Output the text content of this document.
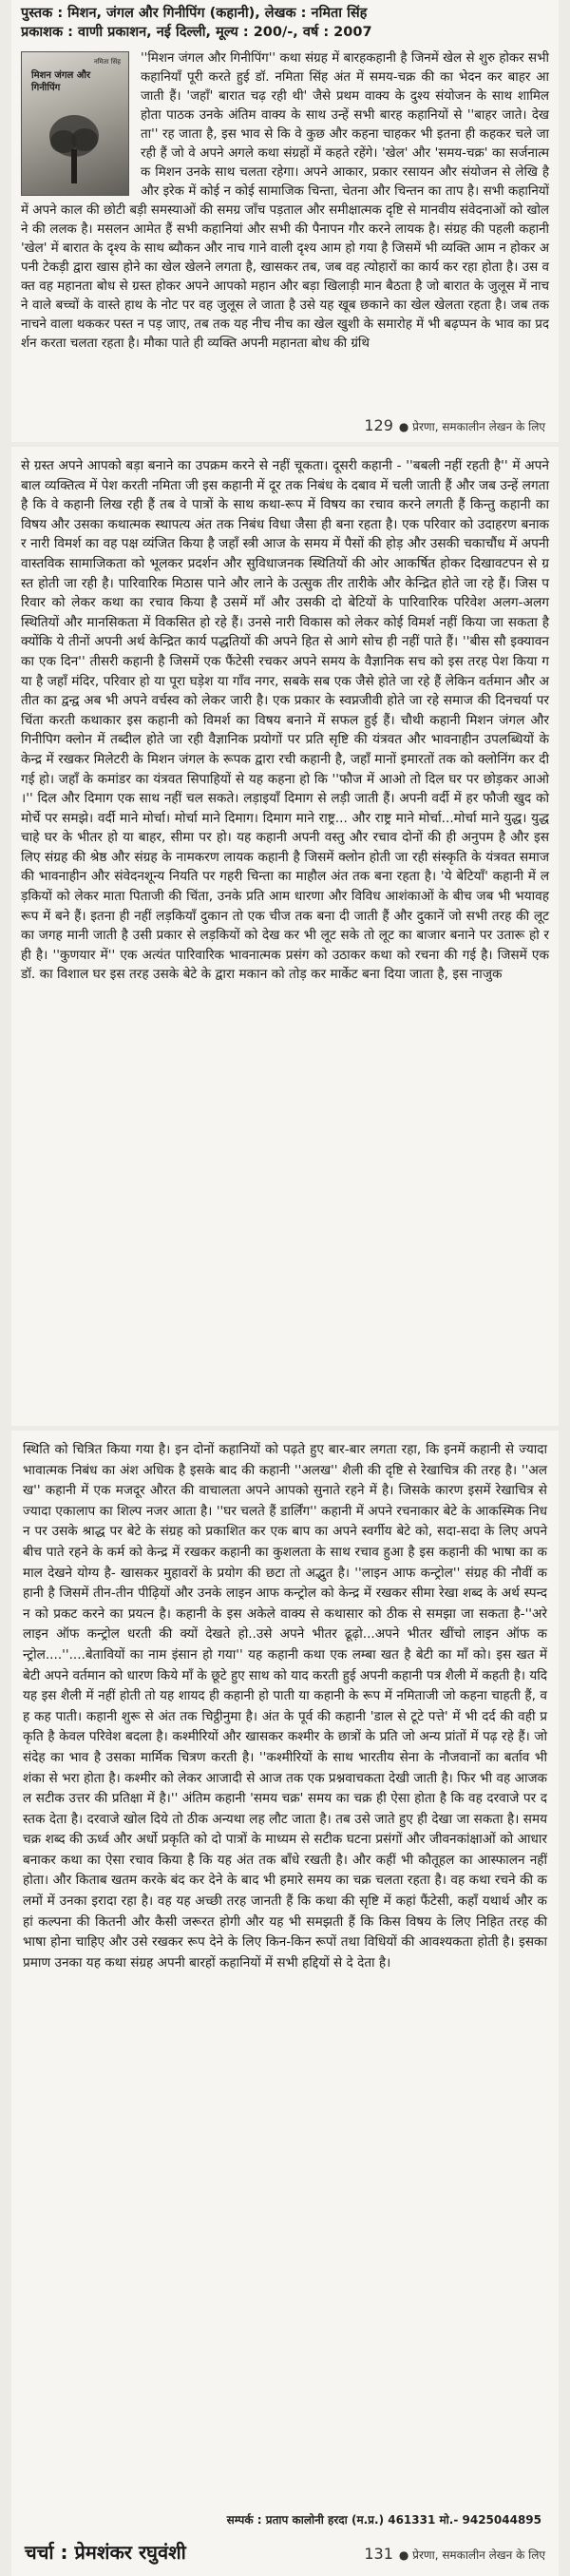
पुस्तक : मिशन, जंगल और गिनीपिंग (कहानी), लेखक : नमिता सिंह
प्रकाशक : वाणी प्रकाशन, नई दिल्ली, मूल्य : 200/-, वर्ष : 2007
नमिता सिंह
मिशन जंगल और गिनीपिंग

''मिशन जंगल और गिनीपिंग'' कथा संग्रह में बारहकहानी है जिनमें खेल से शुरु होकर सभी कहानियाँ पूरी करते हुई डॉ. नमिता सिंह अंत में समय-चक्र की का भेदन कर बाहर आ जाती हैं। 'जहाँ' बारात चढ़ रही थी' जैसे प्रथम वाक्य के दुश्य संयोजन के साथ शामिल होता पाठक उनके अंतिम वाक्य के साथ उन्हें सभी बारह कहानियों से ''बाहर जाते। देखता'' रह जाता है, इस भाव से कि वे कुछ और कहना चाहकर भी इतना ही कहकर चले जा रही हैं जो वे अपने अगले कथा संग्रहों में कहते रहेंगे। 'खेल' और 'समय-चक्र' का सर्जनात्मक मिशन उनके साथ चलता रहेगा। अपने आकार, प्रकार रसायन और संयोजन से लेखि है और इरेक में कोई न कोई सामाजिक चिन्ता, चेतना और चिन्तन का ताप है। सभी कहानियों में अपने काल की छोटी बड़ी समस्याओं की समग्र जाँच पड़ताल और समीक्षात्मक दृष्टि से मानवीय संवेदनाओं को खोलने की ललक है। मसलन आमेत हैं सभी कहानियां और सभी की पैनापन गौर करने लायक है। संग्रह की पहली कहानी 'खेल' में बारात के दृश्य के साथ ब्यौकन और नाच गाने वाली दृश्य आम हो गया है जिसमें भी व्यक्ति आम न होकर अपनी टेकड़ी द्वारा खास होने का खेल खेलने लगता है, खासकर तब, जब वह त्योहारों का कार्य कर रहा होता है। उस वक्त वह महानता बोध से ग्रस्त होकर अपने आपको महान और बड़ा खिलाड़ी मान बैठता है जो बारात के जुलूस में नाचने वाले बच्चों के वास्ते हाथ के नोट पर वह जुलूस ले जाता है उसे यह खूब छकाने का खेल खेलता रहता है। जब तक नाचने वाला थककर पस्त न पड़ जाए, तब तक यह नीच नीच का खेल खुशी के समारोह में भी बढ़प्पन के भाव का प्रदर्शन करता चलता रहता है। मौका पाते ही व्यक्ति अपनी महानता बोध की ग्रंथि

129 ● प्रेरणा, समकालीन लेखन के लिए

से ग्रस्त अपने आपको बड़ा बनाने का उपक्रम करने से नहीं चूकता। दूसरी कहानी - ''बबली नहीं रहती है'' में अपने बाल व्यक्तित्व में पेश करती नमिता जी इस कहानी में दूर तक निबंध के दबाव में चली जाती हैं और जब उन्हें लगता है कि वे कहानी लिख रही हैं तब वे पात्रों के साथ कथा-रूप में विषय का रचाव करने लगती हैं किन्तु कहानी का विषय और उसका कथात्मक स्थापत्य अंत तक निबंध विधा जैसा ही बना रहता है। एक परिवार को उदाहरण बनाकर नारी विमर्श का वह पक्ष व्यंजित किया है जहाँ स्त्री आज के समय में पैसों की होड़ और उसकी चकाचौंध में अपनी वास्तविक सामाजिकता को भूलकर प्रदर्शन और सुविधाजनक स्थितियों की ओर आकर्षित होकर दिखावटपन से ग्रस्त होती जा रही है। पारिवारिक मिठास पाने और लाने के उत्सुक तीर तारीके और केन्द्रित होते जा रहे हैं। जिस परिवार को लेकर कथा का रचाव किया है उसमें माँ और उसकी दो बेटियों के पारिवारिक परिवेश अलग-अलग स्थितियों और मानसिकता में विकसित हो रहे हैं। उनसे नारी विकास को लेकर कोई विमर्श नहीं किया जा सकता है क्योंकि ये तीनों अपनी अर्थ केन्द्रित कार्य पद्धतियों की अपने हित से आगे सोच ही नहीं पाते हैं। ''बीस सौ इक्यावन का एक दिन'' तीसरी कहानी है जिसमें एक फैंटेसी रचकर अपने समय के वैज्ञानिक सच को इस तरह पेश किया गया है जहाँ मंदिर, परिवार हो या पूरा घड़ेश या गाँव नगर, सबके सब एक जैसे होते जा रहे हैं लेकिन वर्तमान और अतीत का द्वन्द्व अब भी अपने वर्चस्व को लेकर जारी है। एक प्रकार के स्वप्नजीवी होते जा रहे समाज की दिनचर्या पर चिंता करती कथाकार इस कहानी को विमर्श का विषय बनाने में सफल हुई हैं। चौथी कहानी मिशन जंगल और गिनीपिग क्लोन में तब्दील होते जा रही वैज्ञानिक प्रयोगों पर प्रति सृष्टि की यंत्रवत और भावनाहीन उपलब्धियों के केन्द्र में रखकर मिलेटरी के मिशन जंगल के रूपक द्वारा रची कहानी है, जहाँ मानों इमारतों तक को क्लोनिंग कर दी गई हो। जहाँ के कमांडर का यंत्रवत सिपाहियों से यह कहना हो कि ''फौज में आओ तो दिल घर पर छोड़कर आओ।'' दिल और दिमाग एक साथ नहीं चल सकते। लड़ाइयाँ दिमाग से लड़ी जाती हैं। अपनी वर्दी में हर फौजी खुद को मोर्चे पर समझे। वर्दी माने मोर्चा। मोर्चा माने दिमाग। दिमाग माने राष्ट्र... और राष्ट्र माने मोर्चा...मोर्चा माने युद्ध। युद्ध चाहे घर के भीतर हो या बाहर, सीमा पर हो। यह कहानी अपनी वस्तु और रचाव दोनों की ही अनुपम है और इसलिए संग्रह की श्रेष्ठ और संग्रह के नामकरण लायक कहानी है जिसमें क्लोन होती जा रही संस्कृति के यंत्रवत समाज की भावनाहीन और संवेदनशून्य नियति पर गहरी चिन्ता का माहौल अंत तक बना रहता है। 'ये बेटियाँ' कहानी में लड़कियों को लेकर माता पिताजी की चिंता, उनके प्रति आम धारणा और विविध आशंकाओं के बीच जब भी भयावह रूप में बने हैं। इतना ही नहीं लड़कियाँ दुकान तो एक चीज तक बना दी जाती हैं और दुकानें जो सभी तरह की लूट का जगह मानी जाती है उसी प्रकार से लड़कियों को देख कर भी लूट सके तो लूट का बाजार बनाने पर उतारू हो रही है। ''कुणयार में'' एक अत्यंत पारिवारिक भावनात्मक प्रसंग को उठाकर कथा को रचना की गई है। जिसमें एक डॉ. का विशाल घर इस तरह उसके बेटे के द्वारा मकान को तोड़ कर मार्केट बना दिया जाता है, इस नाजुक

स्थिति को चित्रित किया गया है। इन दोनों कहानियों को पढ़ते हुए बार-बार लगता रहा, कि इनमें कहानी से ज्यादा भावात्मक निबंध का अंश अधिक है इसके बाद की कहानी ''अलख'' शैली की दृष्टि से रेखाचित्र की तरह है। ''अलख'' कहानी में एक मजदूर औरत की वाचालता अपने आपको सुनाते रहने में है। जिसके कारण इसमें रेखाचित्र से ज्यादा एकालाप का शिल्प नजर आता है। ''घर चलते हैं डार्लिंग'' कहानी में अपने रचनाकार बेटे के आकस्मिक निधन पर उसके श्राद्ध पर बेटे के संग्रह को प्रकाशित कर एक बाप का अपने स्वर्गीय बेटे को, सदा-सदा के लिए अपने बीच पाते रहने के कर्म को केन्द्र में रखकर कहानी का कुशलता के साथ रचाव हुआ है इस कहानी की भाषा का कमाल देखने योग्य है- खासकर मुहावरों के प्रयोग की छटा तो अद्भुत है। ''लाइन आफ कन्ट्रोल'' संग्रह की नौवीं कहानी है जिसमें तीन-तीन पीढ़ियों और उनके लाइन आफ कन्ट्रोल को केन्द्र में रखकर सीमा रेखा शब्द के अर्थ स्पन्दन को प्रकट करने का प्रयत्न है। कहानी के इस अकेले वाक्य से कथासार को ठीक से समझा जा सकता है-''अरे लाइन ऑफ कन्ट्रोल धरती की क्यों देखते हो..उसे अपने भीतर ढूढ़ो...अपने भीतर खींचो लाइन ऑफ कन्ट्रोल....''....बेतावियों का नाम इंसान हो गया'' यह कहानी कथा एक लम्बा खत है बेटी का माँ को। इस खत में बेटी अपने वर्तमान को धारण किये माँ के छूटे हुए साथ को याद करती हुई अपनी कहानी पत्र शैली में कहती है। यदि यह इस शैली में नहीं होती तो यह शायद ही कहानी हो पाती या कहानी के रूप में नमिताजी जो कहना चाहती हैं, वह कह पाती। कहानी शुरू से अंत तक चिट्ठीनुमा है। अंत के पूर्व की कहानी 'डाल से टूटे पत्ते' में भी दर्द की वही प्रकृति है केवल परिवेश बदला है। कश्मीरियों और खासकर कश्मीर के छात्रों के प्रति जो अन्य प्रांतों में पढ़ रहे हैं। जो संदेह का भाव है उसका मार्मिक चित्रण करती है। ''कश्मीरियों के साथ भारतीय सेना के नौजवानों का बर्ताव भी शंका से भरा होता है। कश्मीर को लेकर आजादी से आज तक एक प्रश्नवाचकता देखी जाती है। फिर भी वह आजकल सटीक उत्तर की प्रतिक्षा में है।'' अंतिम कहानी 'समय चक्र' समय का चक्र ही ऐसा होता है कि वह दरवाजे पर दस्तक देता है। दरवाजे खोल दिये तो ठीक अन्यथा लह लौट जाता है। तब उसे जाते हुए ही देखा जा सकता है। समय चक्र शब्द की ऊर्ध्व और अर्धो प्रकृति को दो पात्रों के माध्यम से सटीक घटना प्रसंगों और जीवनकांक्षाओं को आधार बनाकर कथा का ऐसा रचाव किया है कि यह अंत तक बाँधे रखती है। और कहीं भी कौतूहल का आस्फालन नहीं होता। और किताब खतम करके बंद कर देने के बाद भी हमारे समय का चक्र चलता रहता है। वह कथा रचने की कलमों में उनका इरादा रहा है। वह यह अच्छी तरह जानती हैं कि कथा की सृष्टि में कहां फैंटेसी, कहाँ यथार्थ और कहां कल्पना की कितनी और कैसी जरूरत होगी और यह भी समझती हैं कि किस विषय के लिए निहित तरह की भाषा होना चाहिए और उसे रखकर रूप देने के लिए किन-किन रूपों तथा विधियों की आवश्यकता होती है। इसका प्रमाण उनका यह कथा संग्रह अपनी बारहों कहानियों में सभी हद्दियों से दे देता है।

सम्पर्क : प्रताप कालोनी हरदा (म.प्र.) 461331 मो.- 9425044895
चर्चा : प्रेमशंकर रघुवंशी	131 ● प्रेरणा, समकालीन लेखन के लिए
